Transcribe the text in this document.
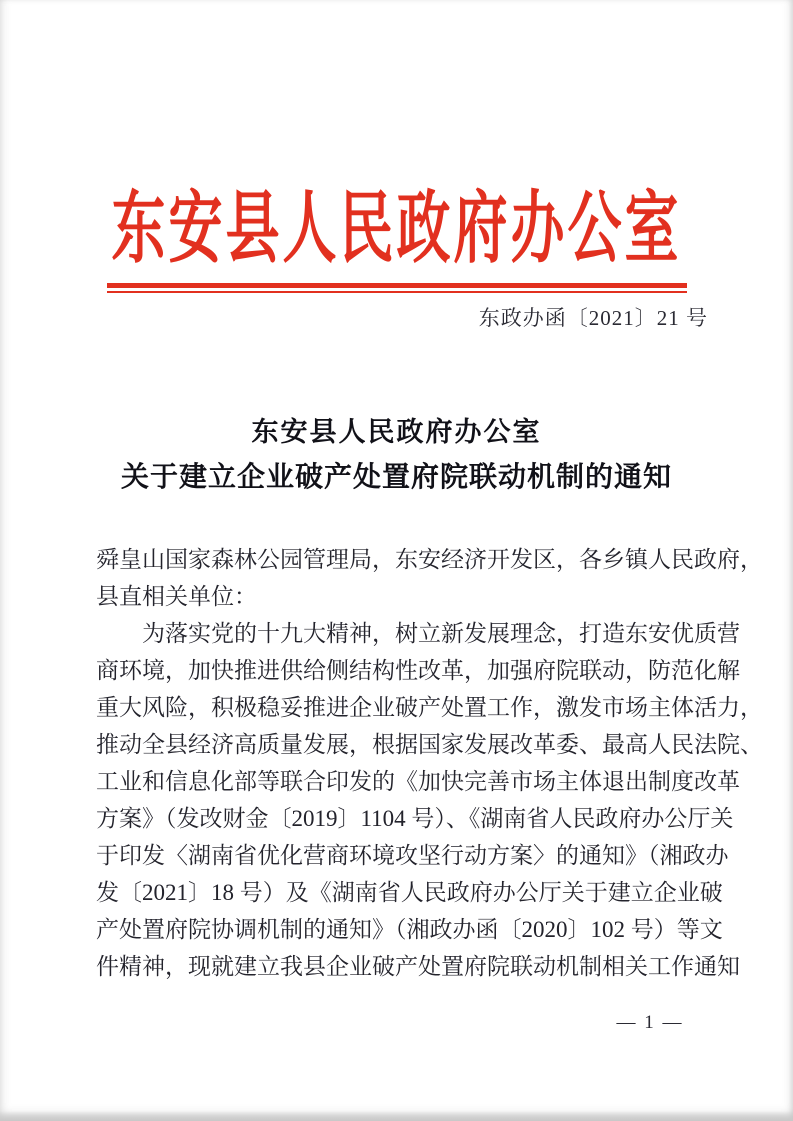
东安县人民政府办公室
东政办函〔2021〕21 号
东安县人民政府办公室
关于建立企业破产处置府院联动机制的通知
舜皇山国家森林公园管理局，东安经济开发区，各乡镇人民政府，
县直相关单位：
　　为落实党的十九大精神，树立新发展理念，打造东安优质营
商环境，加快推进供给侧结构性改革，加强府院联动，防范化解
重大风险，积极稳妥推进企业破产处置工作，激发市场主体活力，
推动全县经济高质量发展，根据国家发展改革委、最高人民法院、
工业和信息化部等联合印发的《加快完善市场主体退出制度改革
方案》（发改财金〔2019〕1104 号）、《湖南省人民政府办公厅关
于印发〈湖南省优化营商环境攻坚行动方案〉的通知》（湘政办
发〔2021〕18 号）及《湖南省人民政府办公厅关于建立企业破
产处置府院协调机制的通知》（湘政办函〔2020〕102 号）等文
件精神，现就建立我县企业破产处置府院联动机制相关工作通知
— 1 —
